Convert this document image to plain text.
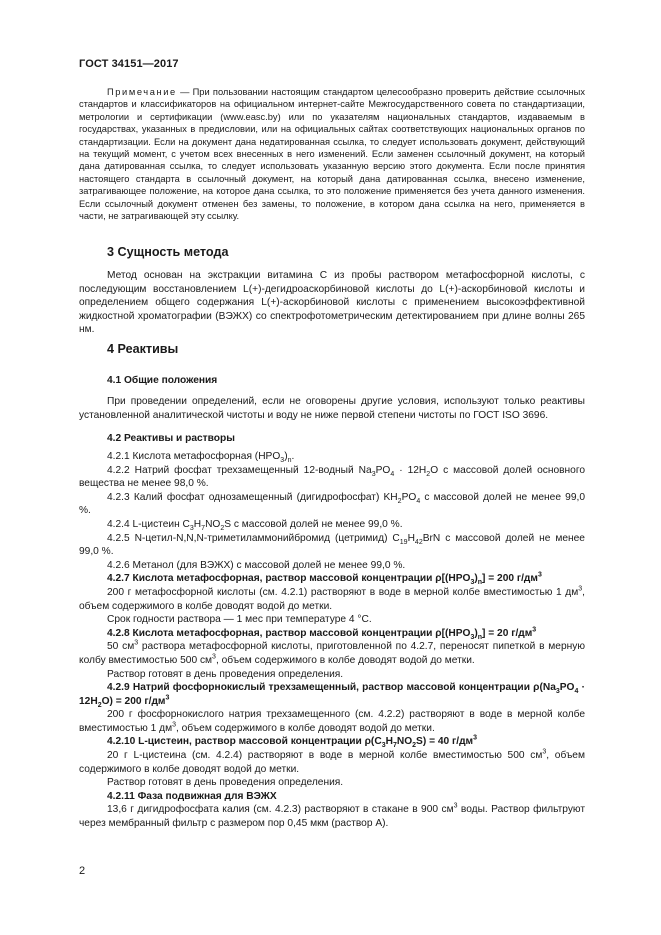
ГОСТ 34151—2017

Примечание — При пользовании настоящим стандартом целесообразно проверить действие ссылочных стандартов и классификаторов на официальном интернет-сайте Межгосударственного совета по стандартизации, метрологии и сертификации (www.easc.by) или по указателям национальных стандартов, издаваемым в государствах, указанных в предисловии, или на официальных сайтах соответствующих национальных органов по стандартизации. Если на документ дана недатированная ссылка, то следует использовать документ, действующий на текущий момент, с учетом всех внесенных в него изменений. Если заменен ссылочный документ, на который дана датированная ссылка, то следует использовать указанную версию этого документа. Если после принятия настоящего стандарта в ссылочный документ, на который дана датированная ссылка, внесено изменение, затрагивающее положение, на которое дана ссылка, то это положение применяется без учета данного изменения. Если ссылочный документ отменен без замены, то положение, в котором дана ссылка на него, применяется в части, не затрагивающей эту ссылку.

3 Сущность метода

Метод основан на экстракции витамина С из пробы раствором метафосфорной кислоты, с последующим восстановлением L(+)-дегидроаскорбиновой кислоты до L(+)-аскорбиновой кислоты и определением общего содержания L(+)-аскорбиновой кислоты с применением высокоэффективной жидкостной хроматографии (ВЭЖХ) со спектрофотометрическим детектированием при длине волны 265 нм.

4 Реактивы
4.1 Общие положения

При проведении определений, если не оговорены другие условия, используют только реактивы установленной аналитической чистоты и воду не ниже первой степени чистоты по ГОСТ ISO 3696.

4.2 Реактивы и растворы

4.2.1 Кислота метафосфорная $(HPO_3)_n$.

4.2.2 Натрий фосфат трехзамещенный 12-водный $Na_3PO_4 \cdot 12H_2O$ с массовой долей основного вещества не менее 98,0 %.

4.2.3 Калий фосфат однозамещенный (дигидрофосфат) $KH_2PO_4$ с массовой долей не менее 99,0 %.

4.2.4 L-цистеин $C_3H_7NO_2S$ с массовой долей не менее 99,0 %.

4.2.5 N-цетил-N,N,N-триметиламмонийбромид (цетримид) $C_{19}H_{42}BrN$ с массовой долей не менее 99,0 %.

4.2.6 Метанол (для ВЭЖХ) с массовой долей не менее 99,0 %.

4.2.7 Кислота метафосфорная, раствор массовой концентрации $\rho[(HPO_3)_n] = 200$ $г/дм^3$

200 г метафосфорной кислоты (см. 4.2.1) растворяют в воде в мерной колбе вместимостью 1 $дм^3$, объем содержимого в колбе доводят водой до метки.

Срок годности раствора — 1 мес при температуре 4 °С.

4.2.8 Кислота метафосфорная, раствор массовой концентрации $\rho[(HPO_3)_n] = 20$ $г/дм^3$

50 $см^3$ раствора метафосфорной кислоты, приготовленной по 4.2.7, переносят пипеткой в мерную колбу вместимостью 500 $см^3$, объем содержимого в колбе доводят водой до метки.

Раствор готовят в день проведения определения.

4.2.9 Натрий фосфорнокислый трехзамещенный, раствор массовой концентрации $\rho(Na_3PO_4 \cdot 12H_2O) = 200$ $г/дм^3$

200 г фосфорнокислого натрия трехзамещенного (см. 4.2.2) растворяют в воде в мерной колбе вместимостью 1 $дм^3$, объем содержимого в колбе доводят водой до метки.

4.2.10 L-цистеин, раствор массовой концентрации $\rho(C_3H_7NO_2S) = 40$ $г/дм^3$

20 г L-цистеина (см. 4.2.4) растворяют в воде в мерной колбе вместимостью 500 $см^3$, объем содержимого в колбе доводят водой до метки.

Раствор готовят в день проведения определения.

4.2.11 Фаза подвижная для ВЭЖХ

13,6 г дигидрофосфата калия (см. 4.2.3) растворяют в стакане в 900 $см^3$ воды. Раствор фильтруют через мембранный фильтр с размером пор 0,45 мкм (раствор А).

2
